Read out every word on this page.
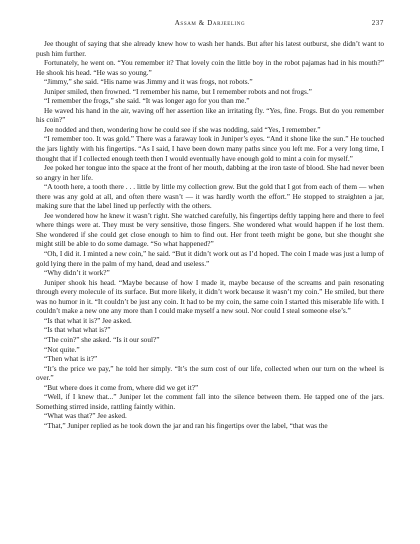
Assam & Darjeeling	237

Jee thought of saying that she already knew how to wash her hands. But after his latest outburst, she didn’t want to push him further.

Fortunately, he went on. “You remember it? That lovely coin the little boy in the robot pajamas had in his mouth?” He shook his head. “He was so young.”

“Jimmy,” she said. “His name was Jimmy and it was frogs, not robots.”

Juniper smiled, then frowned. “I remember his name, but I remember robots and not frogs.”

“I remember the frogs,” she said. “It was longer ago for you than me.”

He waved his hand in the air, waving off her assertion like an irritating fly. “Yes, fine. Frogs. But do you remember his coin?”

Jee nodded and then, wondering how he could see if she was nodding, said “Yes, I remember.”

“I remember too. It was gold.” There was a faraway look in Juniper’s eyes. “And it shone like the sun.” He touched the jars lightly with his fingertips. “As I said, I have been down many paths since you left me. For a very long time, I thought that if I collected enough teeth then I would eventually have enough gold to mint a coin for myself.”

Jee poked her tongue into the space at the front of her mouth, dabbing at the iron taste of blood. She had never been so angry in her life.

“A tooth here, a tooth there . . . little by little my collection grew. But the gold that I got from each of them — when there was any gold at all, and often there wasn’t — it was hardly worth the effort.” He stopped to straighten a jar, making sure that the label lined up perfectly with the others.

Jee wondered how he knew it wasn’t right. She watched carefully, his fingertips deftly tapping here and there to feel where things were at. They must be very sensitive, those fingers. She wondered what would happen if he lost them. She wondered if she could get close enough to him to find out. Her front teeth might be gone, but she thought she might still be able to do some damage. “So what happened?”

“Oh, I did it. I minted a new coin,” he said. “But it didn’t work out as I’d hoped. The coin I made was just a lump of gold lying there in the palm of my hand, dead and useless.”

“Why didn’t it work?”

Juniper shook his head. “Maybe because of how I made it, maybe because of the screams and pain resonating through every molecule of its surface. But more likely, it didn’t work because it wasn’t my coin.” He smiled, but there was no humor in it. “It couldn’t be just any coin. It had to be my coin, the same coin I started this miserable life with. I couldn’t make a new one any more than I could make myself a new soul. Nor could I steal someone else’s.”

“Is that what it is?” Jee asked.

“Is that what what is?”

“The coin?” she asked. “Is it our soul?”

“Not quite.”

“Then what is it?”

“It’s the price we pay,” he told her simply. “It’s the sum cost of our life, collected when our turn on the wheel is over.”

“But where does it come from, where did we get it?”

“Well, if I knew that...” Juniper let the comment fall into the silence between them. He tapped one of the jars. Something stirred inside, rattling faintly within.

“What was that?” Jee asked.

“That,” Juniper replied as he took down the jar and ran his fingertips over the label, “that was the
